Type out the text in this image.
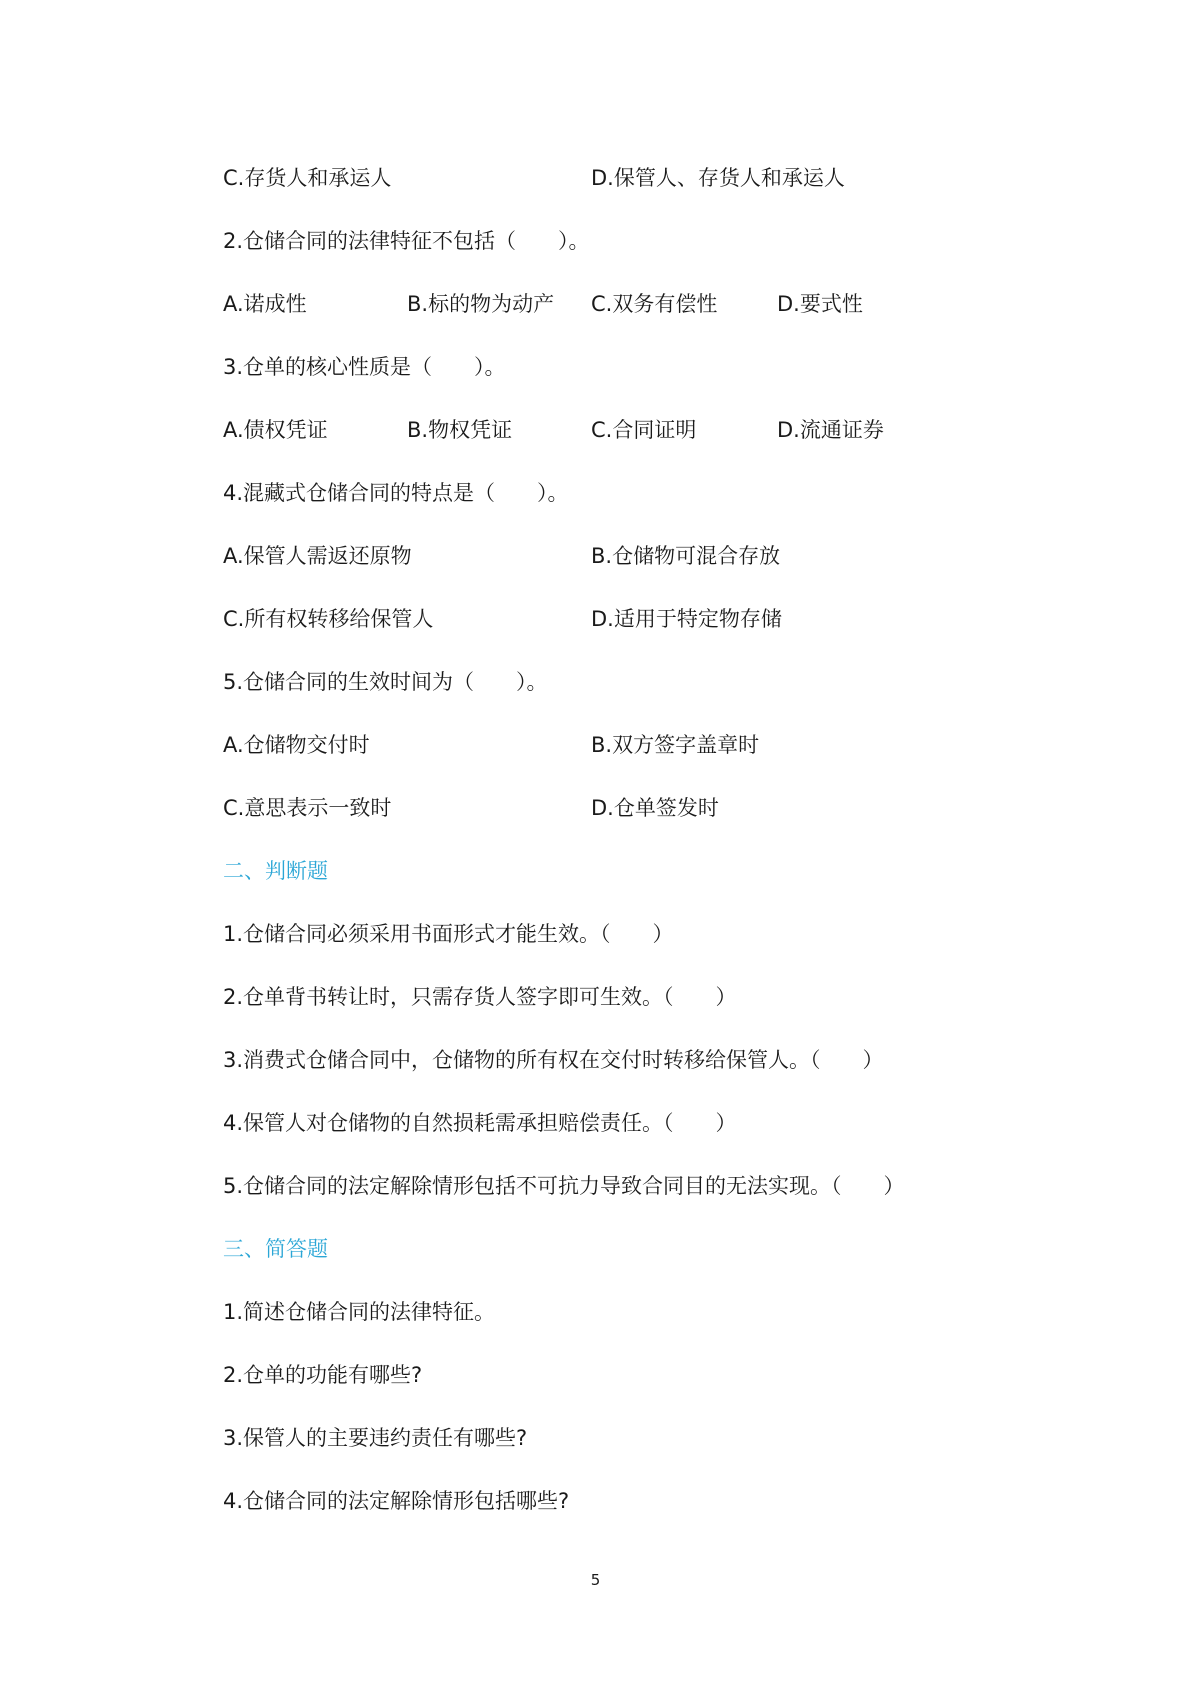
C.存货人和承运人	D.保管人、存货人和承运人
2.仓储合同的法律特征不包括（　　）。
A.诺成性	B.标的物为动产 C.双务有偿性	D.要式性
3.仓单的核心性质是（　　）。
A.债权凭证	B.物权凭证	C.合同证明	D.流通证券
4.混藏式仓储合同的特点是（　　）。
A.保管人需返还原物	B.仓储物可混合存放
C.所有权转移给保管人	D.适用于特定物存储
5.仓储合同的生效时间为（　　）。
A.仓储物交付时	B.双方签字盖章时
C.意思表示一致时	D.仓单签发时
二、判断题
1.仓储合同必须采用书面形式才能生效。（　　）
2.仓单背书转让时，只需存货人签字即可生效。（　　）
3.消费式仓储合同中，仓储物的所有权在交付时转移给保管人。（　　）
4.保管人对仓储物的自然损耗需承担赔偿责任。（　　）
5.仓储合同的法定解除情形包括不可抗力导致合同目的无法实现。（　　）
三、简答题
1.简述仓储合同的法律特征。
2.仓单的功能有哪些?
3.保管人的主要违约责任有哪些?
4.仓储合同的法定解除情形包括哪些?
5
